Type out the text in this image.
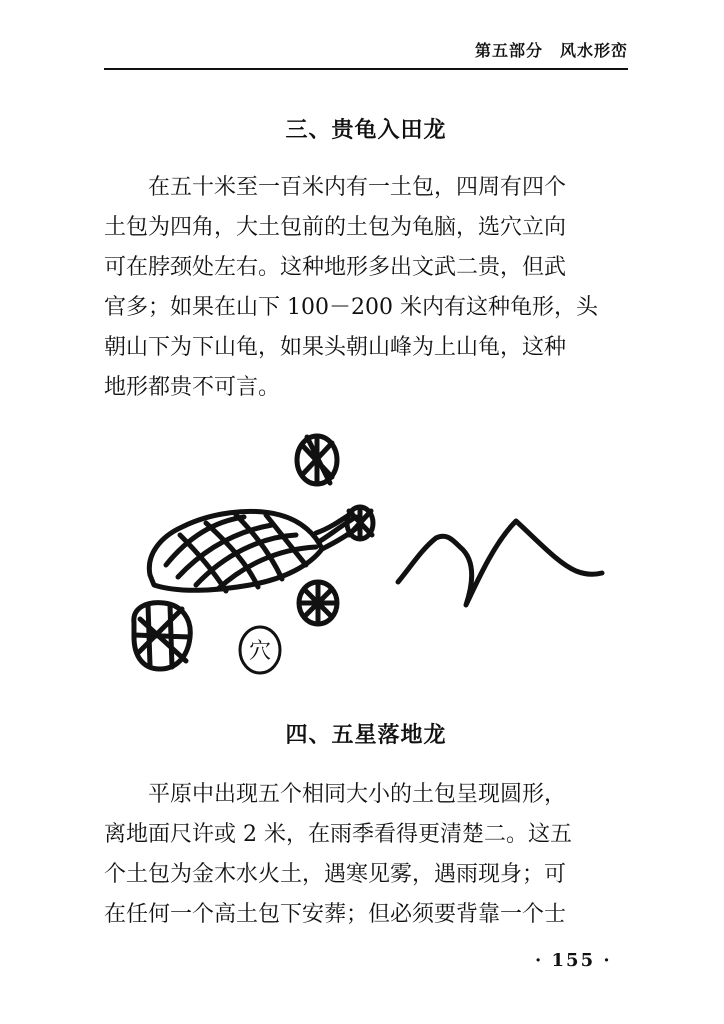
第五部分　风水形峦
三、贵龟入田龙
在五十米至一百米内有一土包，四周有四个
土包为四角，大土包前的土包为龟脑，选穴立向
可在脖颈处左右。这种地形多出文武二贵，但武
官多；如果在山下 100－200 米内有这种龟形，头
朝山下为下山龟，如果头朝山峰为上山龟，这种
地形都贵不可言。
穴
四、五星落地龙
平原中出现五个相同大小的土包呈现圆形，
离地面尺许或 2 米，在雨季看得更清楚二。这五
个土包为金木水火土，遇寒见雾，遇雨现身；可
在任何一个高土包下安葬；但必须要背靠一个士
· 155 ·
